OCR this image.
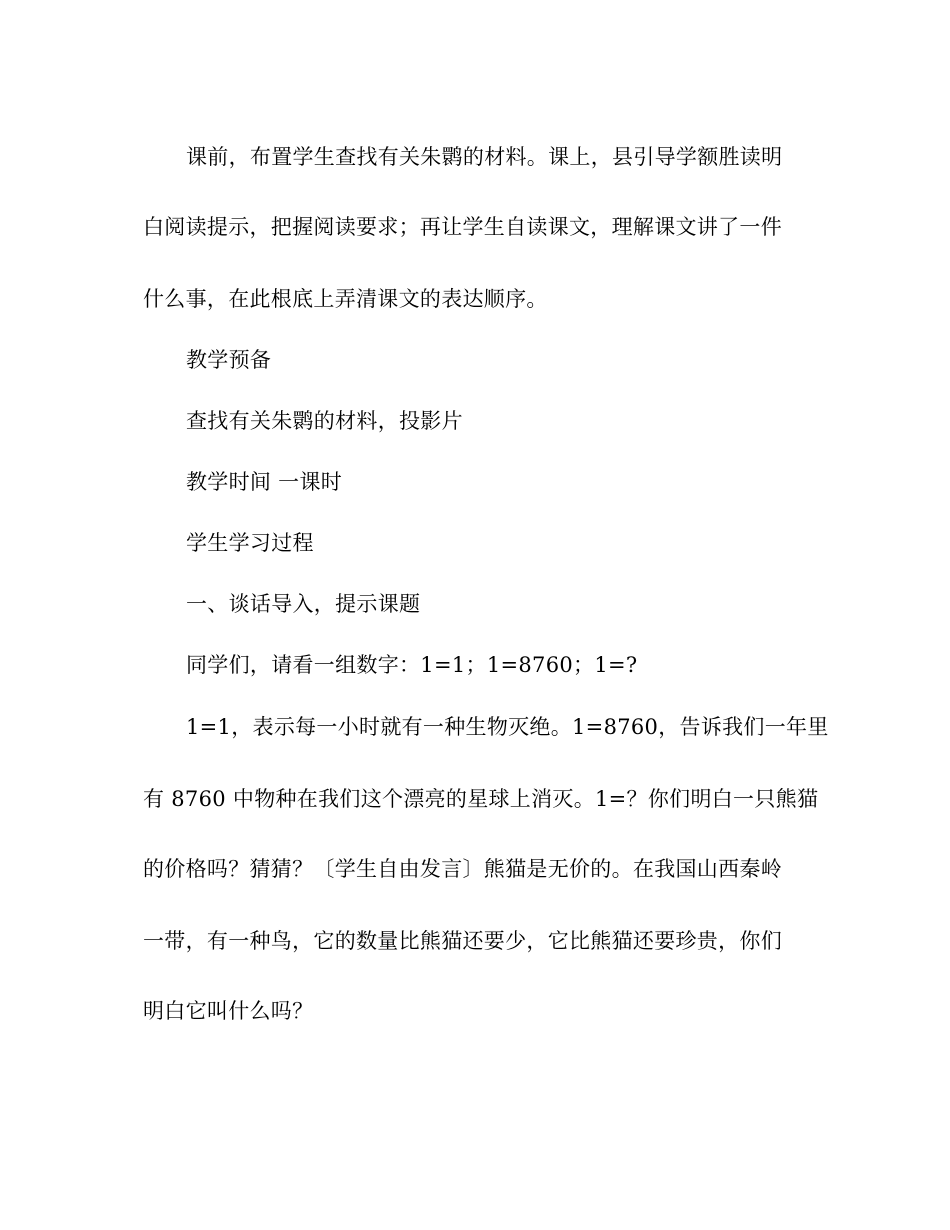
课前，布置学生查找有关朱鹮的材料。课上，县引导学额胜读明
白阅读提示，把握阅读要求；再让学生自读课文，理解课文讲了一件
什么事，在此根底上弄清课文的表达顺序。
教学预备
查找有关朱鹮的材料，投影片
教学时间 一课时
学生学习过程
一、谈话导入，提示课题
同学们，请看一组数字：1=1；1=8760；1=?
1=1，表示每一小时就有一种生物灭绝。1=8760，告诉我们一年里
有 8760 中物种在我们这个漂亮的星球上消灭。1=？你们明白一只熊猫
的价格吗？猜猜？〔学生自由发言〕熊猫是无价的。在我国山西秦岭
一带，有一种鸟，它的数量比熊猫还要少，它比熊猫还要珍贵，你们
明白它叫什么吗？
